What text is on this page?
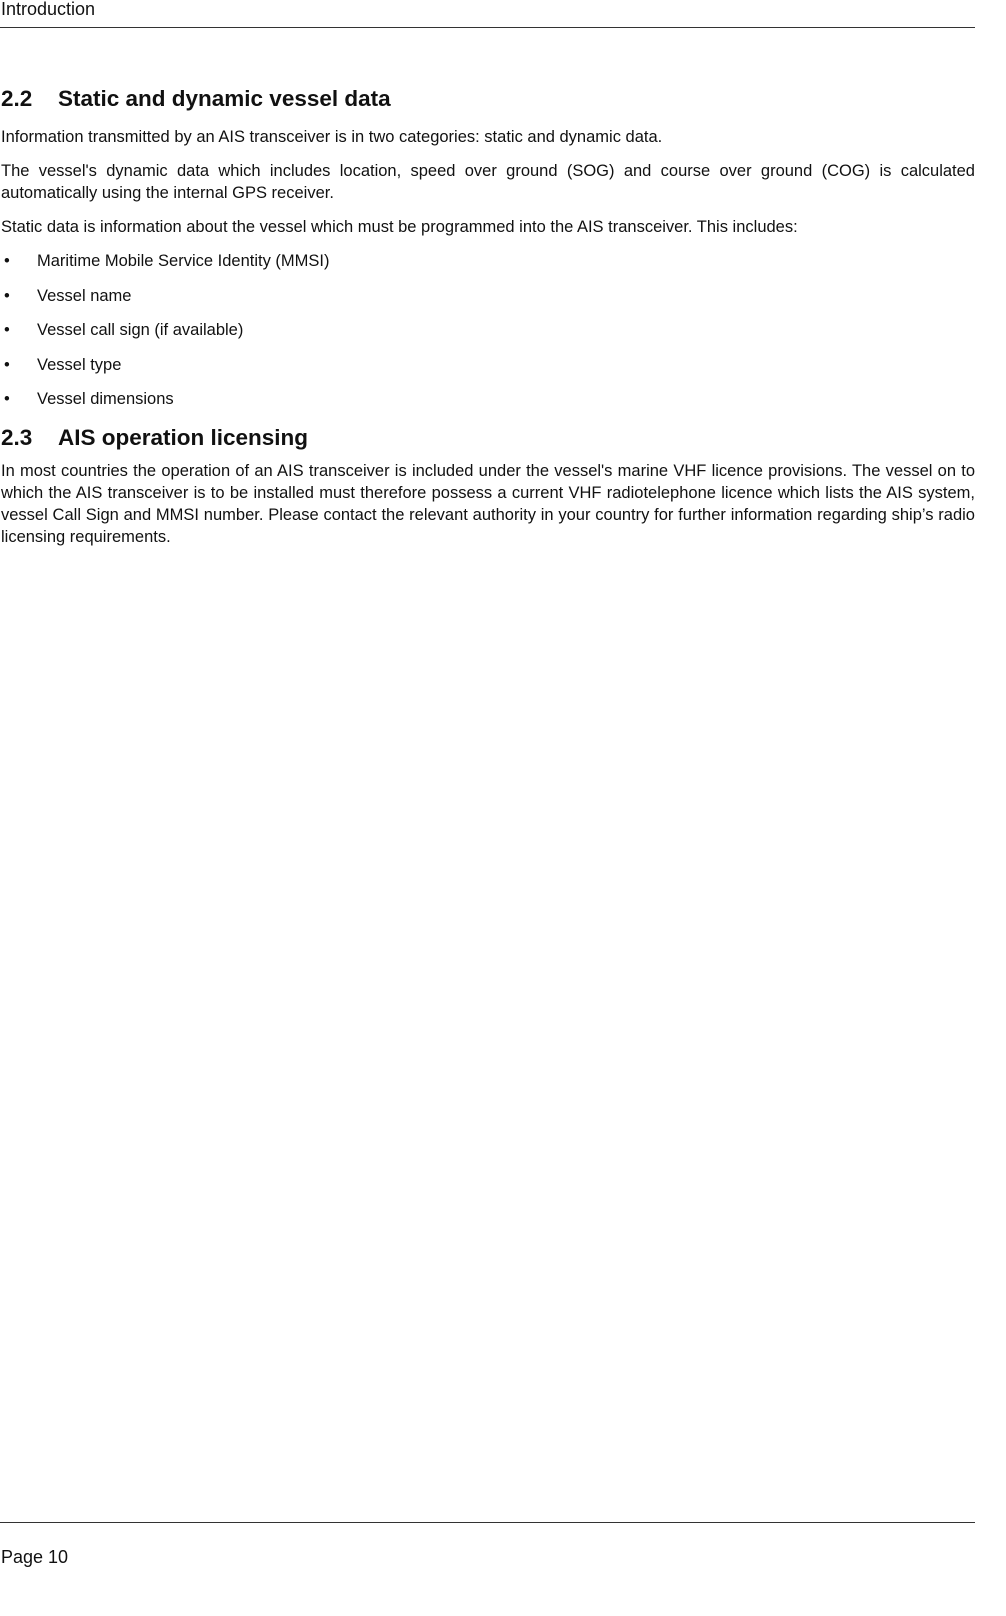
Introduction
2.2	Static and dynamic vessel data

Information transmitted by an AIS transceiver is in two categories: static and dynamic data.

The vessel's dynamic data which includes location, speed over ground (SOG) and course over ground (COG) is calculated automatically using the internal GPS receiver.

Static data is information about the vessel which must be programmed into the AIS transceiver. This includes:

• Maritime Mobile Service Identity (MMSI)
• Vessel name
• Vessel call sign (if available)
• Vessel type
• Vessel dimensions
2.3	AIS operation licensing

In most countries the operation of an AIS transceiver is included under the vessel's marine VHF licence provisions. The vessel on to which the AIS transceiver is to be installed must therefore possess a current VHF radiotelephone licence which lists the AIS system, vessel Call Sign and MMSI number. Please contact the relevant authority in your country for further information regarding ship’s radio licensing requirements.

Page 10
